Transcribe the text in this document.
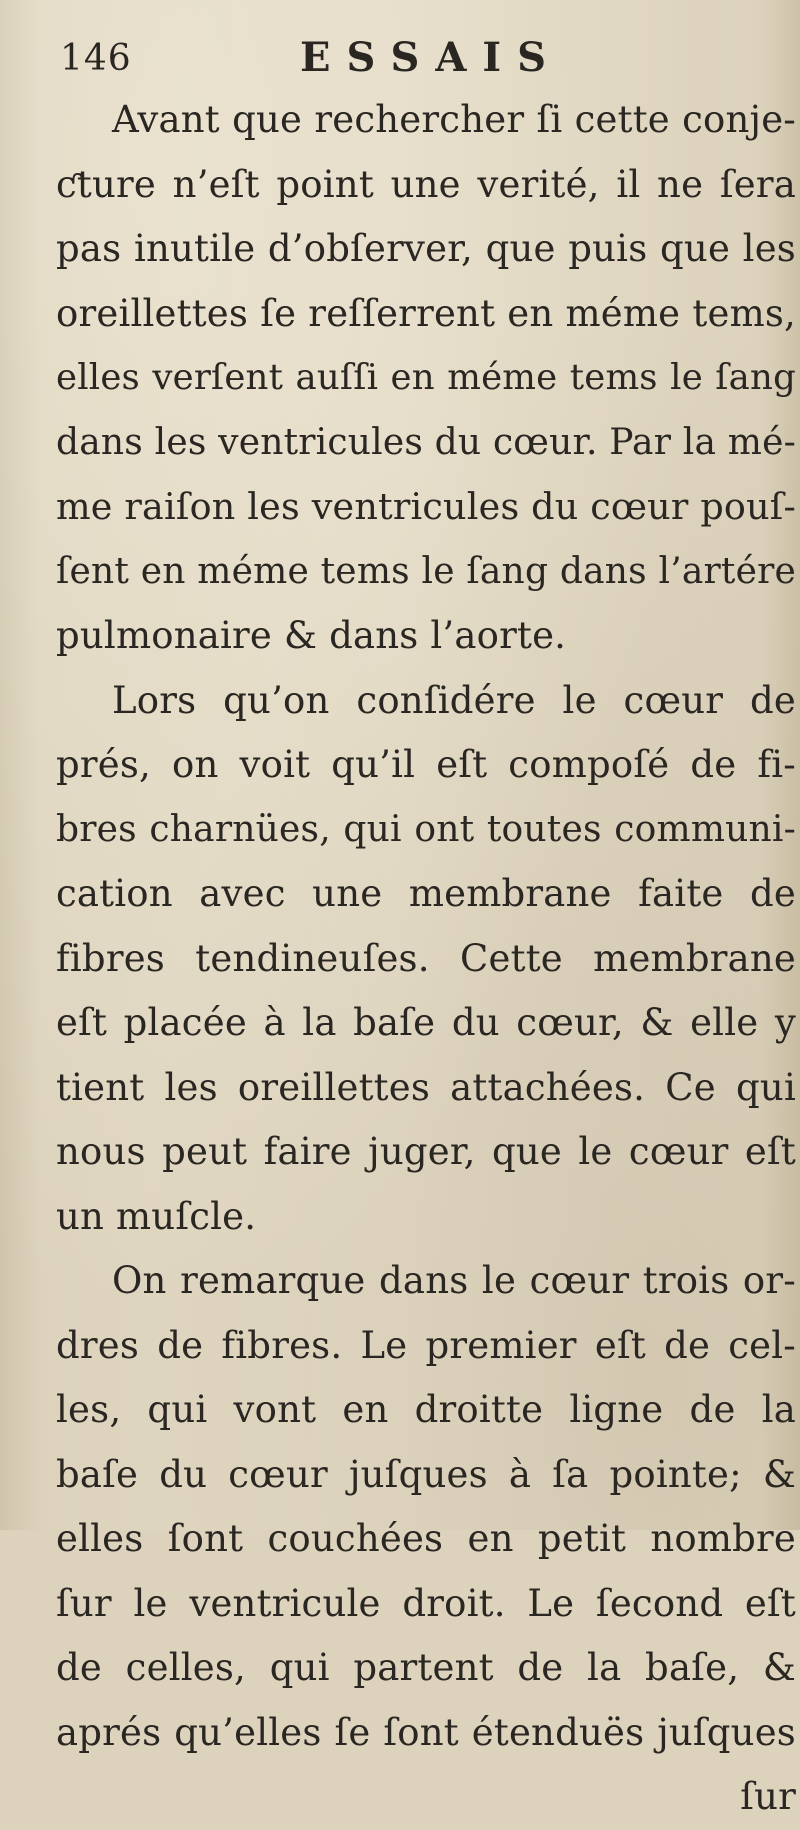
146	ESSAIS
Avant que rechercher ſi cette conje-
ƈture n’eſt point une verité, il ne ſera
pas inutile d’obſerver, que puis que les
oreillettes ſe reſſerrent en méme tems,
elles verſent auſſi en méme tems le ſang
dans les ventricules du cœur. Par la mé-
me raiſon les ventricules du cœur pouſ-
ſent en méme tems le ſang dans l’artére
pulmonaire & dans l’aorte.
Lors qu’on conſidére le cœur de
prés, on voit qu’il eſt compoſé de fi-
bres charnües, qui ont toutes communi-
cation avec une membrane faite de
fibres tendineuſes. Cette membrane
eſt placée à la baſe du cœur, & elle y
tient les oreillettes attachées. Ce qui
nous peut faire juger, que le cœur eſt
un muſcle.
On remarque dans le cœur trois or-
dres de fibres. Le premier eſt de cel-
les, qui vont en droitte ligne de la
baſe du cœur juſques à ſa pointe; &
elles ſont couchées en petit nombre
ſur le ventricule droit. Le ſecond eſt
de celles, qui partent de la baſe, &
aprés qu’elles ſe ſont étenduës juſques
ſur
